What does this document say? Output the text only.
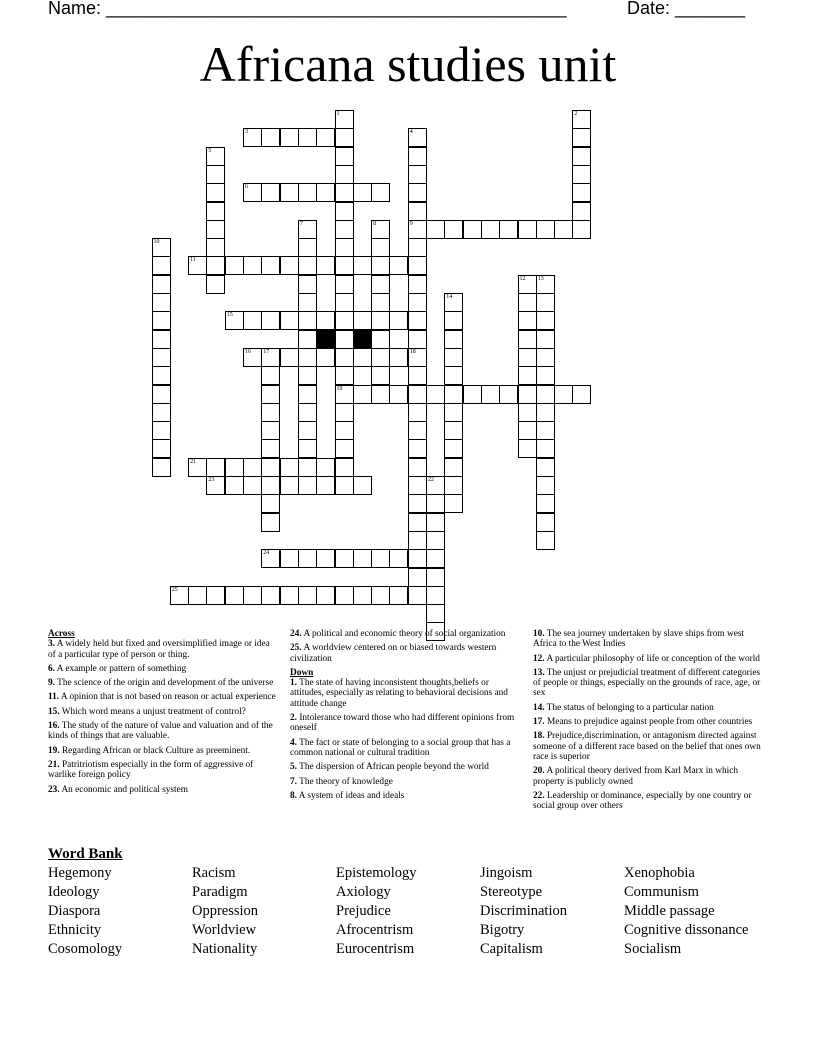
Name: ______________________________________________	Date: _______
Africana studies unit
3
6
9
11
15
16 17	18
19
21
23
24
25
1	2
4
5
7	8
10
12 13
14
22
Across
3. A widely held but fixed and oversimplified image or idea of a particular type of person or thing.
6. A example or pattern of something
9. The science of the origin and development of the universe
11. A opinion that is not based on reason or actual experience
15. Which word means a unjust treatment of control?
16. The study of the nature of value and valuation and of the kinds of things that are valuable.
19. Regarding African or black Culture as preeminent.
21. Patritriotism especially in the form of aggressive of warlike foreign policy
23. An economic and political system
24. A political and economic theory of social organization
25. A worldview centered on or biased towards western civilization
Down
1. The state of having inconsistent thoughts,beliefs or attitudes, especially as relating to behavioral decisions and attitude change
2. Intolerance toward those who had different opinions from oneself
4. The fact or state of belonging to a social group that has a common national or cultural tradition
5. The dispersion of African people beyond the world
7. The theory of knowledge
8. A system of ideas and ideals
10. The sea journey undertaken by slave ships from west Africa to the West Indies
12. A particular philosophy of life or conception of the world
13. The unjust or prejudicial treatment of different categories of people or things, especially on the grounds of race, age, or sex
14. The status of belonging to a particular nation
17. Means to prejudice against people from other countries
18. Prejudice,discrimination, or antagonism directed against someone of a different race based on the belief that ones own race is superior
20. A political theory derived from Karl Marx in which property is publicly owned
22. Leadership or dominance, especially by one country or social group over others
Word Bank
Hegemony	Racism	Epistemology	Jingoism	Xenophobia
Ideology	Paradigm	Axiology	Stereotype	Communism
Diaspora	Oppression	Prejudice	Discrimination	Middle passage
Ethnicity	Worldview	Afrocentrism	Bigotry	Cognitive dissonance
Cosomology	Nationality	Eurocentrism	Capitalism	Socialism
